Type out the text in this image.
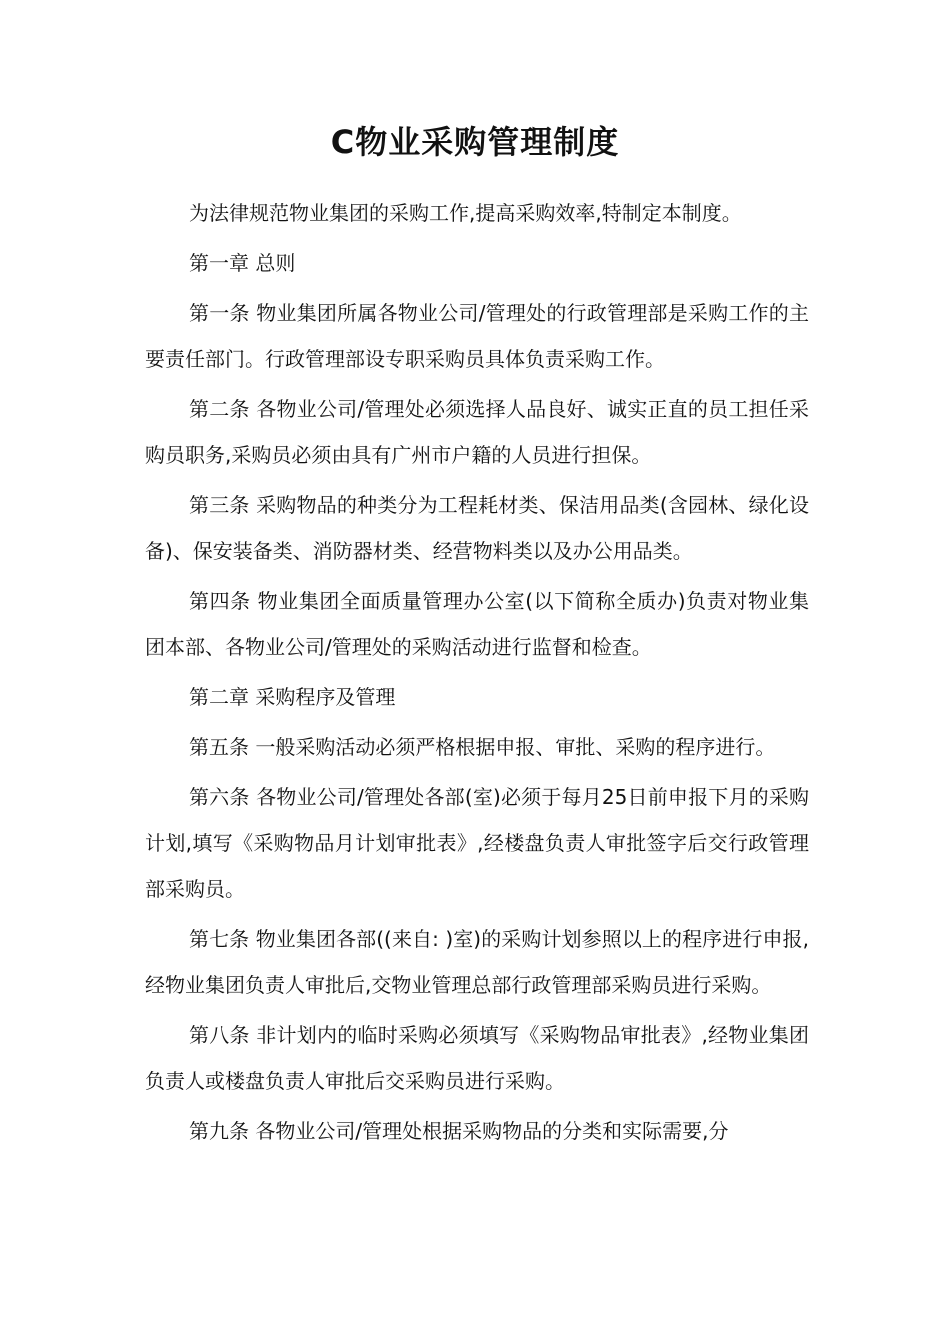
C物业采购管理制度

为法律规范物业集团的采购工作,提高采购效率,特制定本制度。

第一章 总则

第一条 物业集团所属各物业公司/管理处的行政管理部是采购工作的主要责任部门。行政管理部设专职采购员具体负责采购工作。

第二条 各物业公司/管理处必须选择人品良好、诚实正直的员工担任采购员职务,采购员必须由具有广州市户籍的人员进行担保。

第三条 采购物品的种类分为工程耗材类、保洁用品类(含园林、绿化设备)、保安装备类、消防器材类、经营物料类以及办公用品类。

第四条 物业集团全面质量管理办公室(以下简称全质办)负责对物业集团本部、各物业公司/管理处的采购活动进行监督和检查。

第二章 采购程序及管理

第五条 一般采购活动必须严格根据申报、审批、采购的程序进行。

第六条 各物业公司/管理处各部(室)必须于每月25日前申报下月的采购计划,填写《采购物品月计划审批表》,经楼盘负责人审批签字后交行政管理部采购员。

第七条 物业集团各部((来自: )室)的采购计划参照以上的程序进行申报,经物业集团负责人审批后,交物业管理总部行政管理部采购员进行采购。

第八条 非计划内的临时采购必须填写《采购物品审批表》,经物业集团负责人或楼盘负责人审批后交采购员进行采购。

第九条 各物业公司/管理处根据采购物品的分类和实际需要,分
